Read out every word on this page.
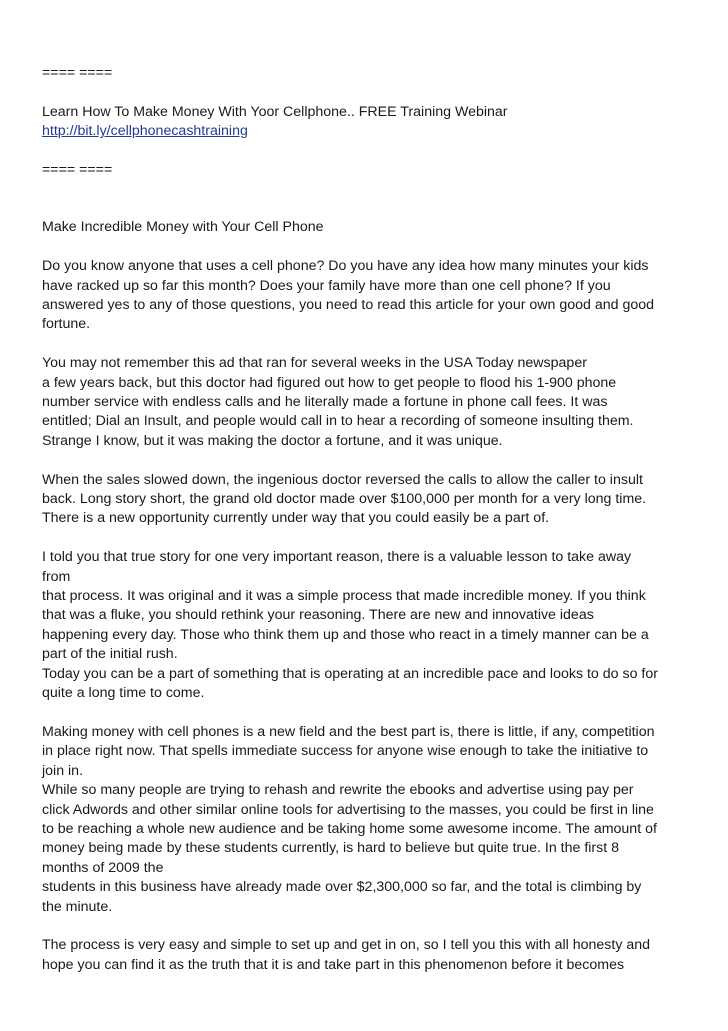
==== ====
Learn How To Make Money With Yoor Cellphone.. FREE Training Webinar
http://bit.ly/cellphonecashtraining
==== ====
Make Incredible Money with Your Cell Phone

Do you know anyone that uses a cell phone? Do you have any idea how many minutes your kids
have racked up so far this month? Does your family have more than one cell phone? If you
answered yes to any of those questions, you need to read this article for your own good and good
fortune.

You may not remember this ad that ran for several weeks in the USA Today newspaper
a few years back, but this doctor had figured out how to get people to flood his 1-900 phone
number service with endless calls and he literally made a fortune in phone call fees. It was
entitled; Dial an Insult, and people would call in to hear a recording of someone insulting them.
Strange I know, but it was making the doctor a fortune, and it was unique.

When the sales slowed down, the ingenious doctor reversed the calls to allow the caller to insult
back. Long story short, the grand old doctor made over $100,000 per month for a very long time.
There is a new opportunity currently under way that you could easily be a part of.

I told you that true story for one very important reason, there is a valuable lesson to take away
from
that process. It was original and it was a simple process that made incredible money. If you think
that was a fluke, you should rethink your reasoning. There are new and innovative ideas
happening every day. Those who think them up and those who react in a timely manner can be a
part of the initial rush.
Today you can be a part of something that is operating at an incredible pace and looks to do so for
quite a long time to come.

Making money with cell phones is a new field and the best part is, there is little, if any, competition
in place right now. That spells immediate success for anyone wise enough to take the initiative to
join in.
While so many people are trying to rehash and rewrite the ebooks and advertise using pay per
click Adwords and other similar online tools for advertising to the masses, you could be first in line
to be reaching a whole new audience and be taking home some awesome income. The amount of
money being made by these students currently, is hard to believe but quite true. In the first 8
months of 2009 the
students in this business have already made over $2,300,000 so far, and the total is climbing by
the minute.

The process is very easy and simple to set up and get in on, so I tell you this with all honesty and
hope you can find it as the truth that it is and take part in this phenomenon before it becomes
